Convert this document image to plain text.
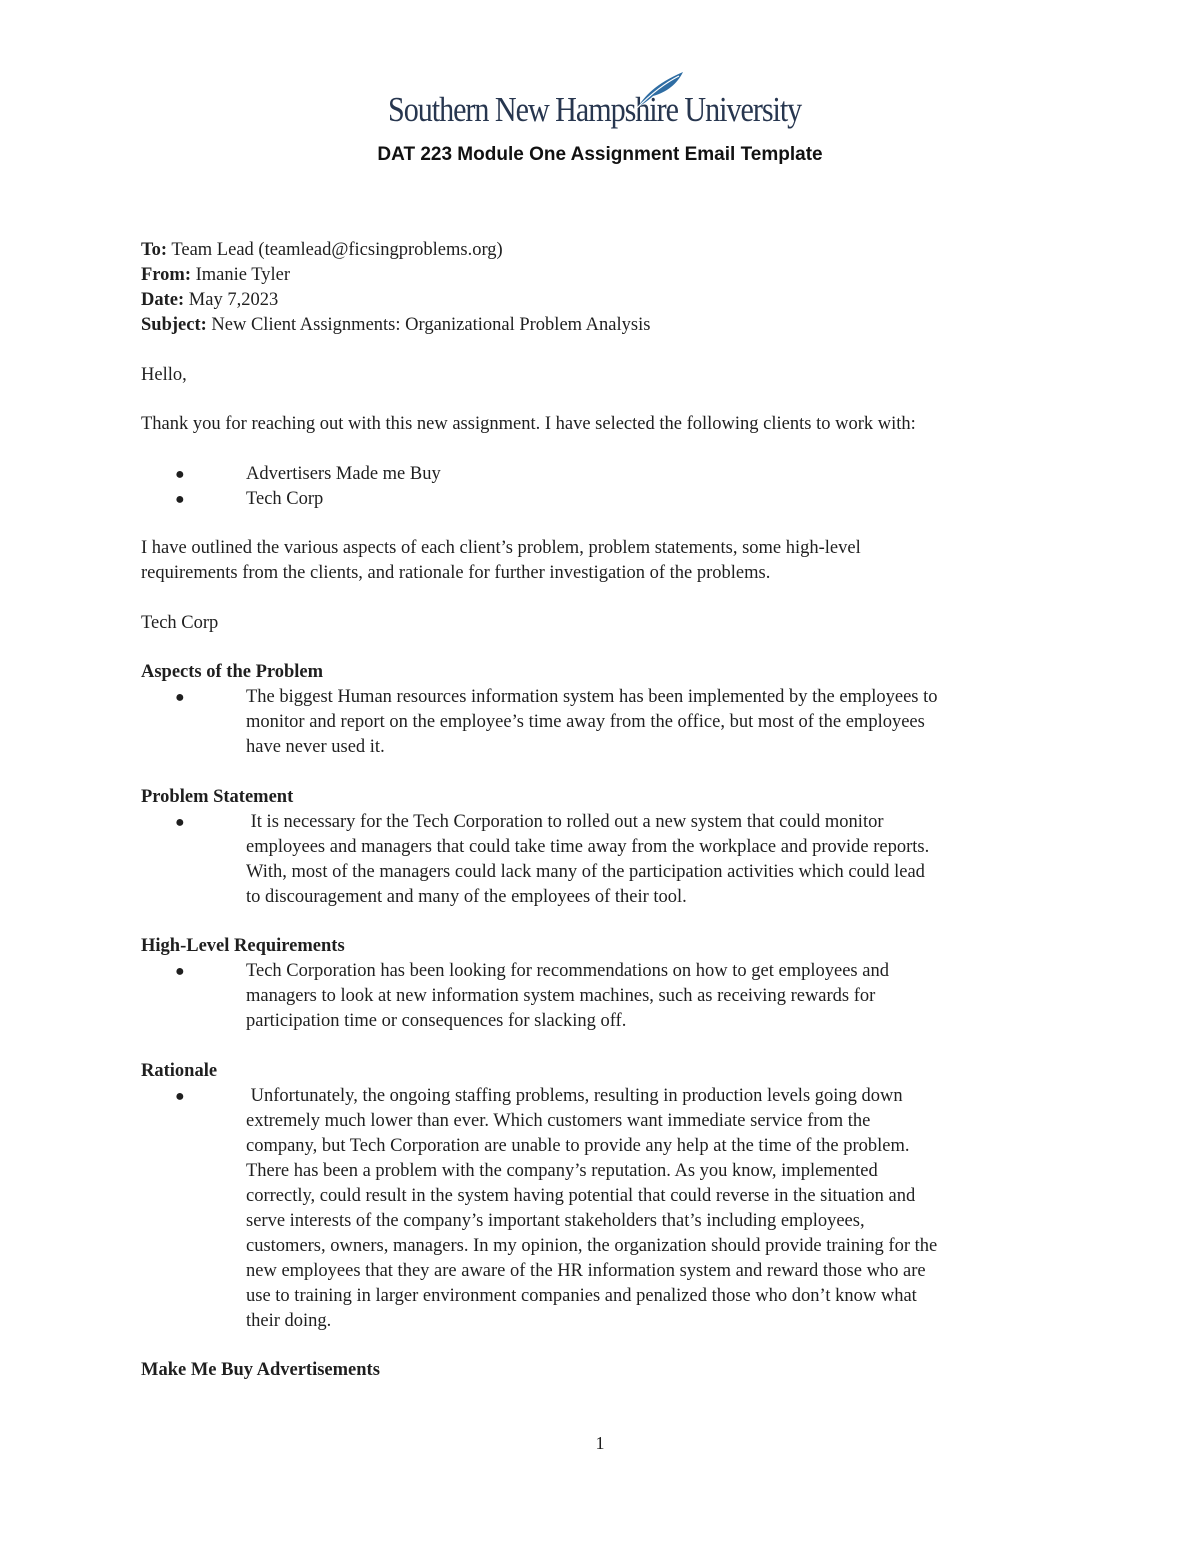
Southern New Hampshire University
DAT 223 Module One Assignment Email Template

To: Team Lead (teamlead@ficsingproblems.org)

From: Imanie Tyler

Date: May 7,2023

Subject: New Client Assignments: Organizational Problem Analysis

Hello,

Thank you for reaching out with this new assignment. I have selected the following clients to work with:

●	Advertisers Made me Buy
●	Tech Corp

I have outlined the various aspects of each client’s problem, problem statements, some high-level

requirements from the clients, and rationale for further investigation of the problems.

Tech Corp

Aspects of the Problem

●	The biggest Human resources information system has been implemented by the employees to
monitor and report on the employee’s time away from the office, but most of the employees
have never used it.

Problem Statement

●	It is necessary for the Tech Corporation to rolled out a new system that could monitor
employees and managers that could take time away from the workplace and provide reports.
With, most of the managers could lack many of the participation activities which could lead
to discouragement and many of the employees of their tool.

High-Level Requirements

●	Tech Corporation has been looking for recommendations on how to get employees and
managers to look at new information system machines, such as receiving rewards for
participation time or consequences for slacking off.

Rationale

●	Unfortunately, the ongoing staffing problems, resulting in production levels going down
extremely much lower than ever. Which customers want immediate service from the
company, but Tech Corporation are unable to provide any help at the time of the problem.
There has been a problem with the company’s reputation. As you know, implemented
correctly, could result in the system having potential that could reverse in the situation and
serve interests of the company’s important stakeholders that’s including employees,
customers, owners, managers. In my opinion, the organization should provide training for the
new employees that they are aware of the HR information system and reward those who are
use to training in larger environment companies and penalized those who don’t know what
their doing.

Make Me Buy Advertisements

1
